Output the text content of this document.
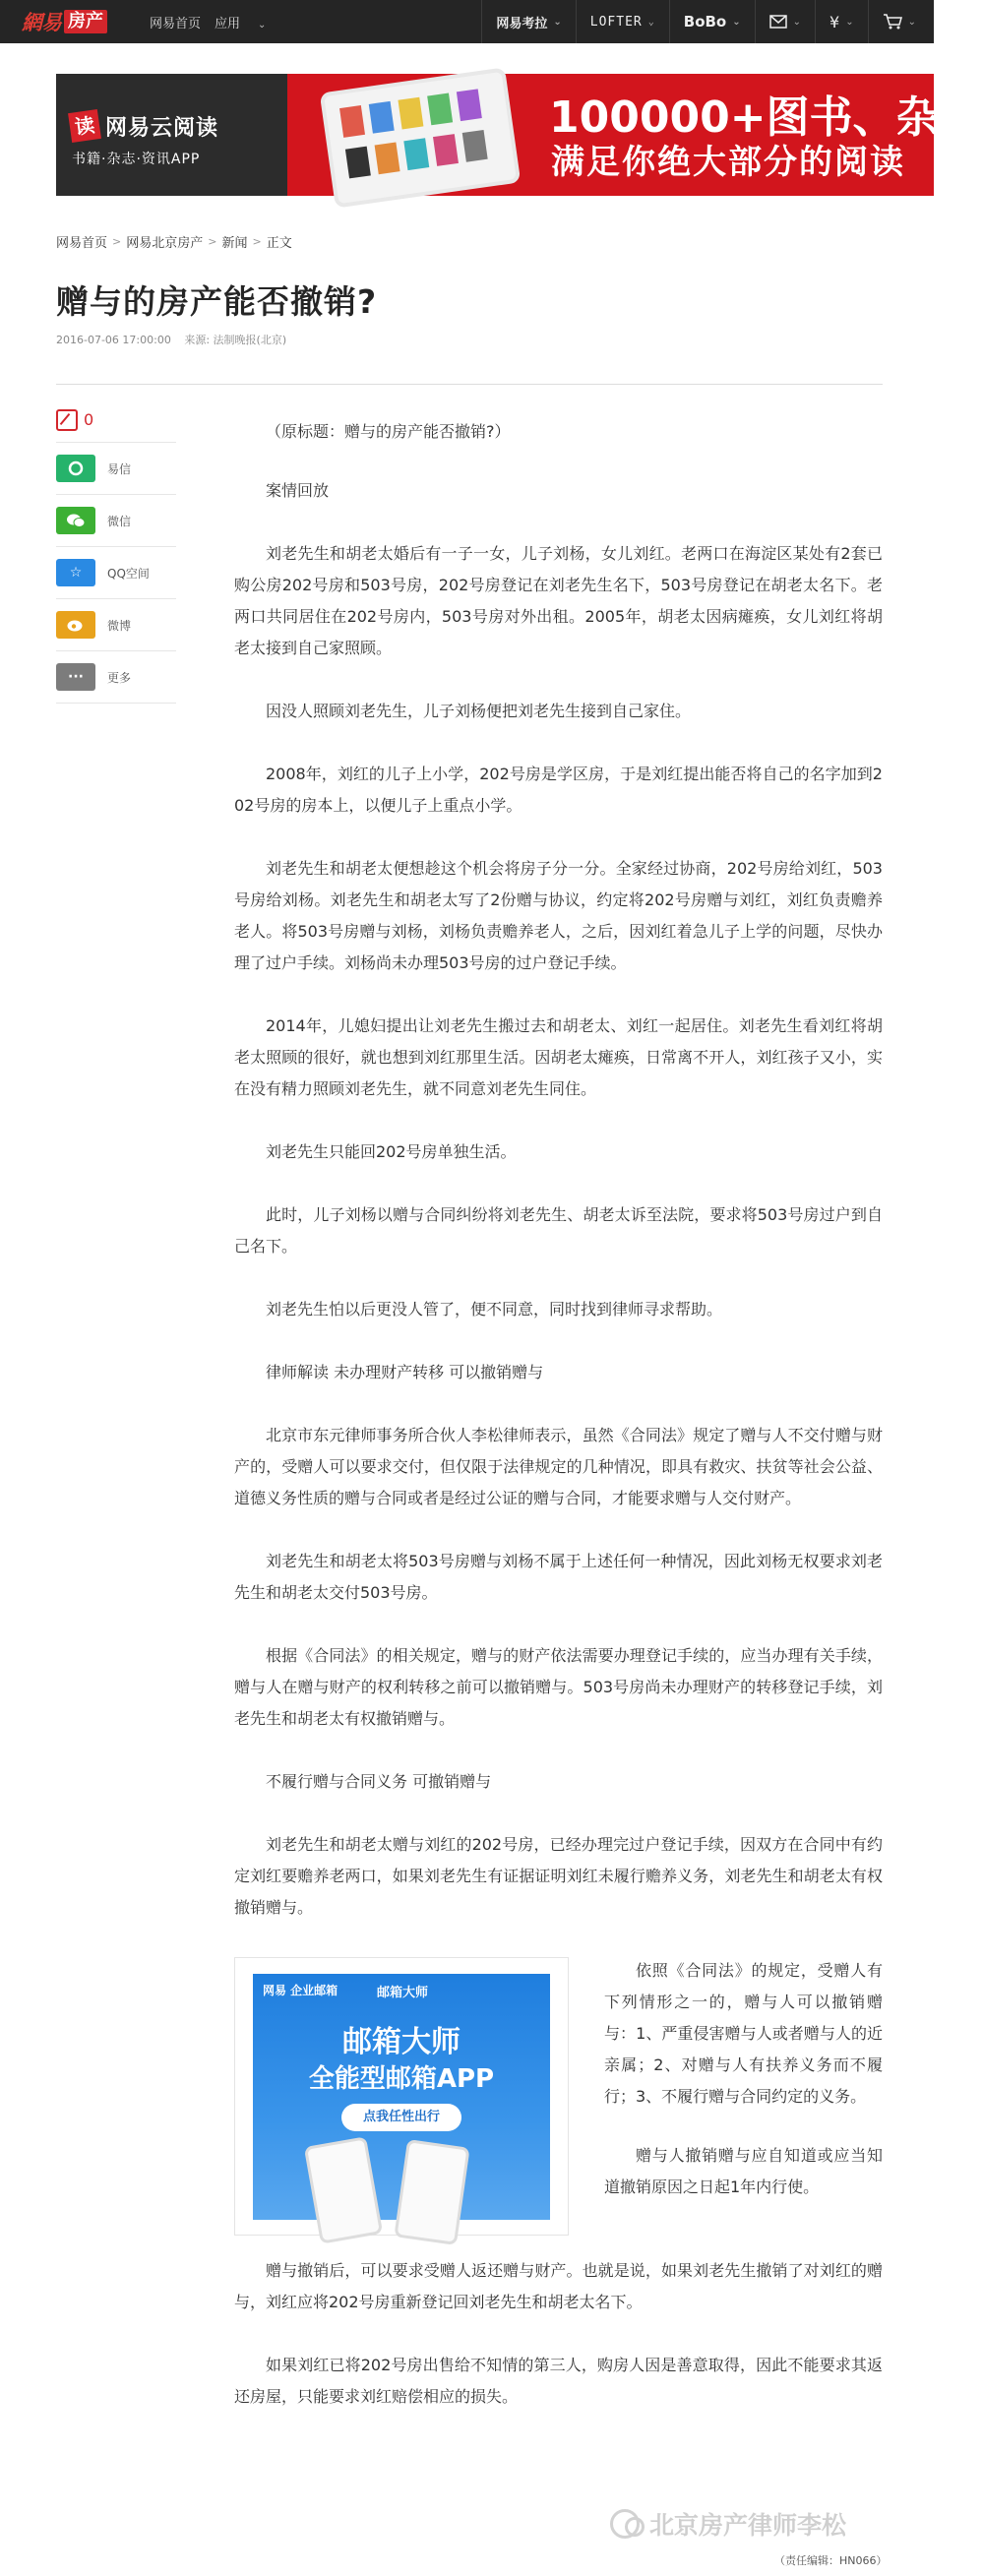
網易 房产	网易首页 应用 ⌄	网易考拉 ⌄ LOFTER ⌄ BoBo ⌄	⌄ ¥ ⌄	⌄
读 网易云阅读
书籍·杂志·资讯APP
100000+图书、杂志
满足你绝大部分的阅读
网易首页 > 网易北京房产 > 新闻 > 正文
赠与的房产能否撤销?
2016-07-06 17:00:00 来源: 法制晚报(北京)
0
易信
微信
☆	QQ空间
微博
···	更多

（原标题：赠与的房产能否撤销?）

案情回放

刘老先生和胡老太婚后有一子一女，儿子刘杨，女儿刘红。老两口在海淀区某处有2套已购公房202号房和503号房，202号房登记在刘老先生名下，503号房登记在胡老太名下。老两口共同居住在202号房内，503号房对外出租。2005年，胡老太因病瘫痪，女儿刘红将胡老太接到自己家照顾。

因没人照顾刘老先生，儿子刘杨便把刘老先生接到自己家住。

2008年，刘红的儿子上小学，202号房是学区房，于是刘红提出能否将自己的名字加到202号房的房本上，以便儿子上重点小学。

刘老先生和胡老太便想趁这个机会将房子分一分。全家经过协商，202号房给刘红，503号房给刘杨。刘老先生和胡老太写了2份赠与协议，约定将202号房赠与刘红，刘红负责赡养老人。将503号房赠与刘杨，刘杨负责赡养老人，之后，因刘红着急儿子上学的问题，尽快办理了过户手续。刘杨尚未办理503号房的过户登记手续。

2014年，儿媳妇提出让刘老先生搬过去和胡老太、刘红一起居住。刘老先生看刘红将胡老太照顾的很好，就也想到刘红那里生活。因胡老太瘫痪，日常离不开人，刘红孩子又小，实在没有精力照顾刘老先生，就不同意刘老先生同住。

刘老先生只能回202号房单独生活。

此时，儿子刘杨以赠与合同纠纷将刘老先生、胡老太诉至法院，要求将503号房过户到自己名下。

刘老先生怕以后更没人管了，便不同意，同时找到律师寻求帮助。

律师解读 未办理财产转移 可以撤销赠与

北京市东元律师事务所合伙人李松律师表示，虽然《合同法》规定了赠与人不交付赠与财产的，受赠人可以要求交付，但仅限于法律规定的几种情况，即具有救灾、扶贫等社会公益、道德义务性质的赠与合同或者是经过公证的赠与合同，才能要求赠与人交付财产。

刘老先生和胡老太将503号房赠与刘杨不属于上述任何一种情况，因此刘杨无权要求刘老先生和胡老太交付503号房。

根据《合同法》的相关规定，赠与的财产依法需要办理登记手续的，应当办理有关手续，赠与人在赠与财产的权利转移之前可以撤销赠与。503号房尚未办理财产的转移登记手续，刘老先生和胡老太有权撤销赠与。

不履行赠与合同义务 可撤销赠与

刘老先生和胡老太赠与刘红的202号房，已经办理完过户登记手续，因双方在合同中有约定刘红要赡养老两口，如果刘老先生有证据证明刘红未履行赡养义务，刘老先生和胡老太有权撤销赠与。

网易 企业邮箱	邮箱大师
邮箱大师
全能型邮箱APP
点我任性出行

依照《合同法》的规定，受赠人有下列情形之一的，赠与人可以撤销赠与：1、严重侵害赠与人或者赠与人的近亲属；2、对赠与人有扶养义务而不履行；3、不履行赠与合同约定的义务。

赠与人撤销赠与应自知道或应当知道撤销原因之日起1年内行使。

赠与撤销后，可以要求受赠人返还赠与财产。也就是说，如果刘老先生撤销了对刘红的赠与，刘红应将202号房重新登记回刘老先生和胡老太名下。

如果刘红已将202号房出售给不知情的第三人，购房人因是善意取得，因此不能要求其返还房屋，只能要求刘红赔偿相应的损失。

北京房产律师李松
（责任编辑：HN066）
